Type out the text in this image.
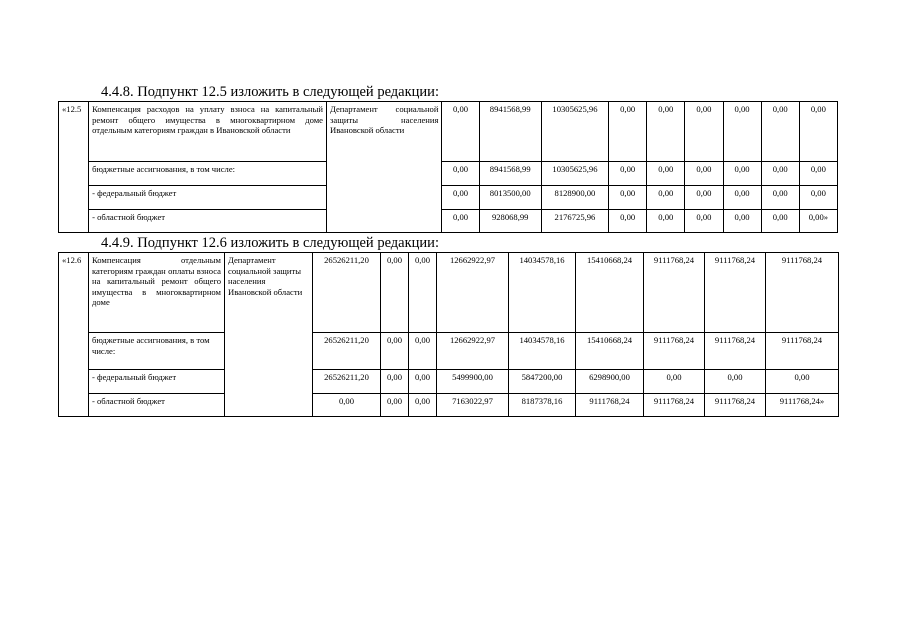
4.4.8. Подпункт 12.5 изложить в следующей редакции:
«12.5	Компенсация расходов на уплату взноса на капитальный ремонт общего имущества в многоквартирном доме отдельным категориям граждан в Ивановской области	Департамент социальной защиты населения Ивановской области	0,00	8941568,99	10305625,96	0,00	0,00	0,00	0,00	0,00	0,00
	бюджетные ассигнования, в том числе:		0,00	8941568,99	10305625,96	0,00	0,00	0,00	0,00	0,00	0,00
	- федеральный бюджет		0,00	8013500,00	8128900,00	0,00	0,00	0,00	0,00	0,00	0,00
	- областной бюджет		0,00	928068,99	2176725,96	0,00	0,00	0,00	0,00	0,00	0,00»
4.4.9. Подпункт 12.6 изложить в следующей редакции:
«12.6	Компенсация отдельным категориям граждан оплаты взноса на капитальный ремонт общего имущества в многоквартирном доме	Департамент социальной защиты населения Ивановской области	26526211,20	0,00	0,00	12662922,97	14034578,16	15410668,24	9111768,24	9111768,24	9111768,24
	бюджетные ассигнования, в том числе:		26526211,20	0,00	0,00	12662922,97	14034578,16	15410668,24	9111768,24	9111768,24	9111768,24
	- федеральный бюджет		26526211,20	0,00	0,00	5499900,00	5847200,00	6298900,00	0,00	0,00	0,00
	- областной бюджет		0,00	0,00	0,00	7163022,97	8187378,16	9111768,24	9111768,24	9111768,24	9111768,24»
